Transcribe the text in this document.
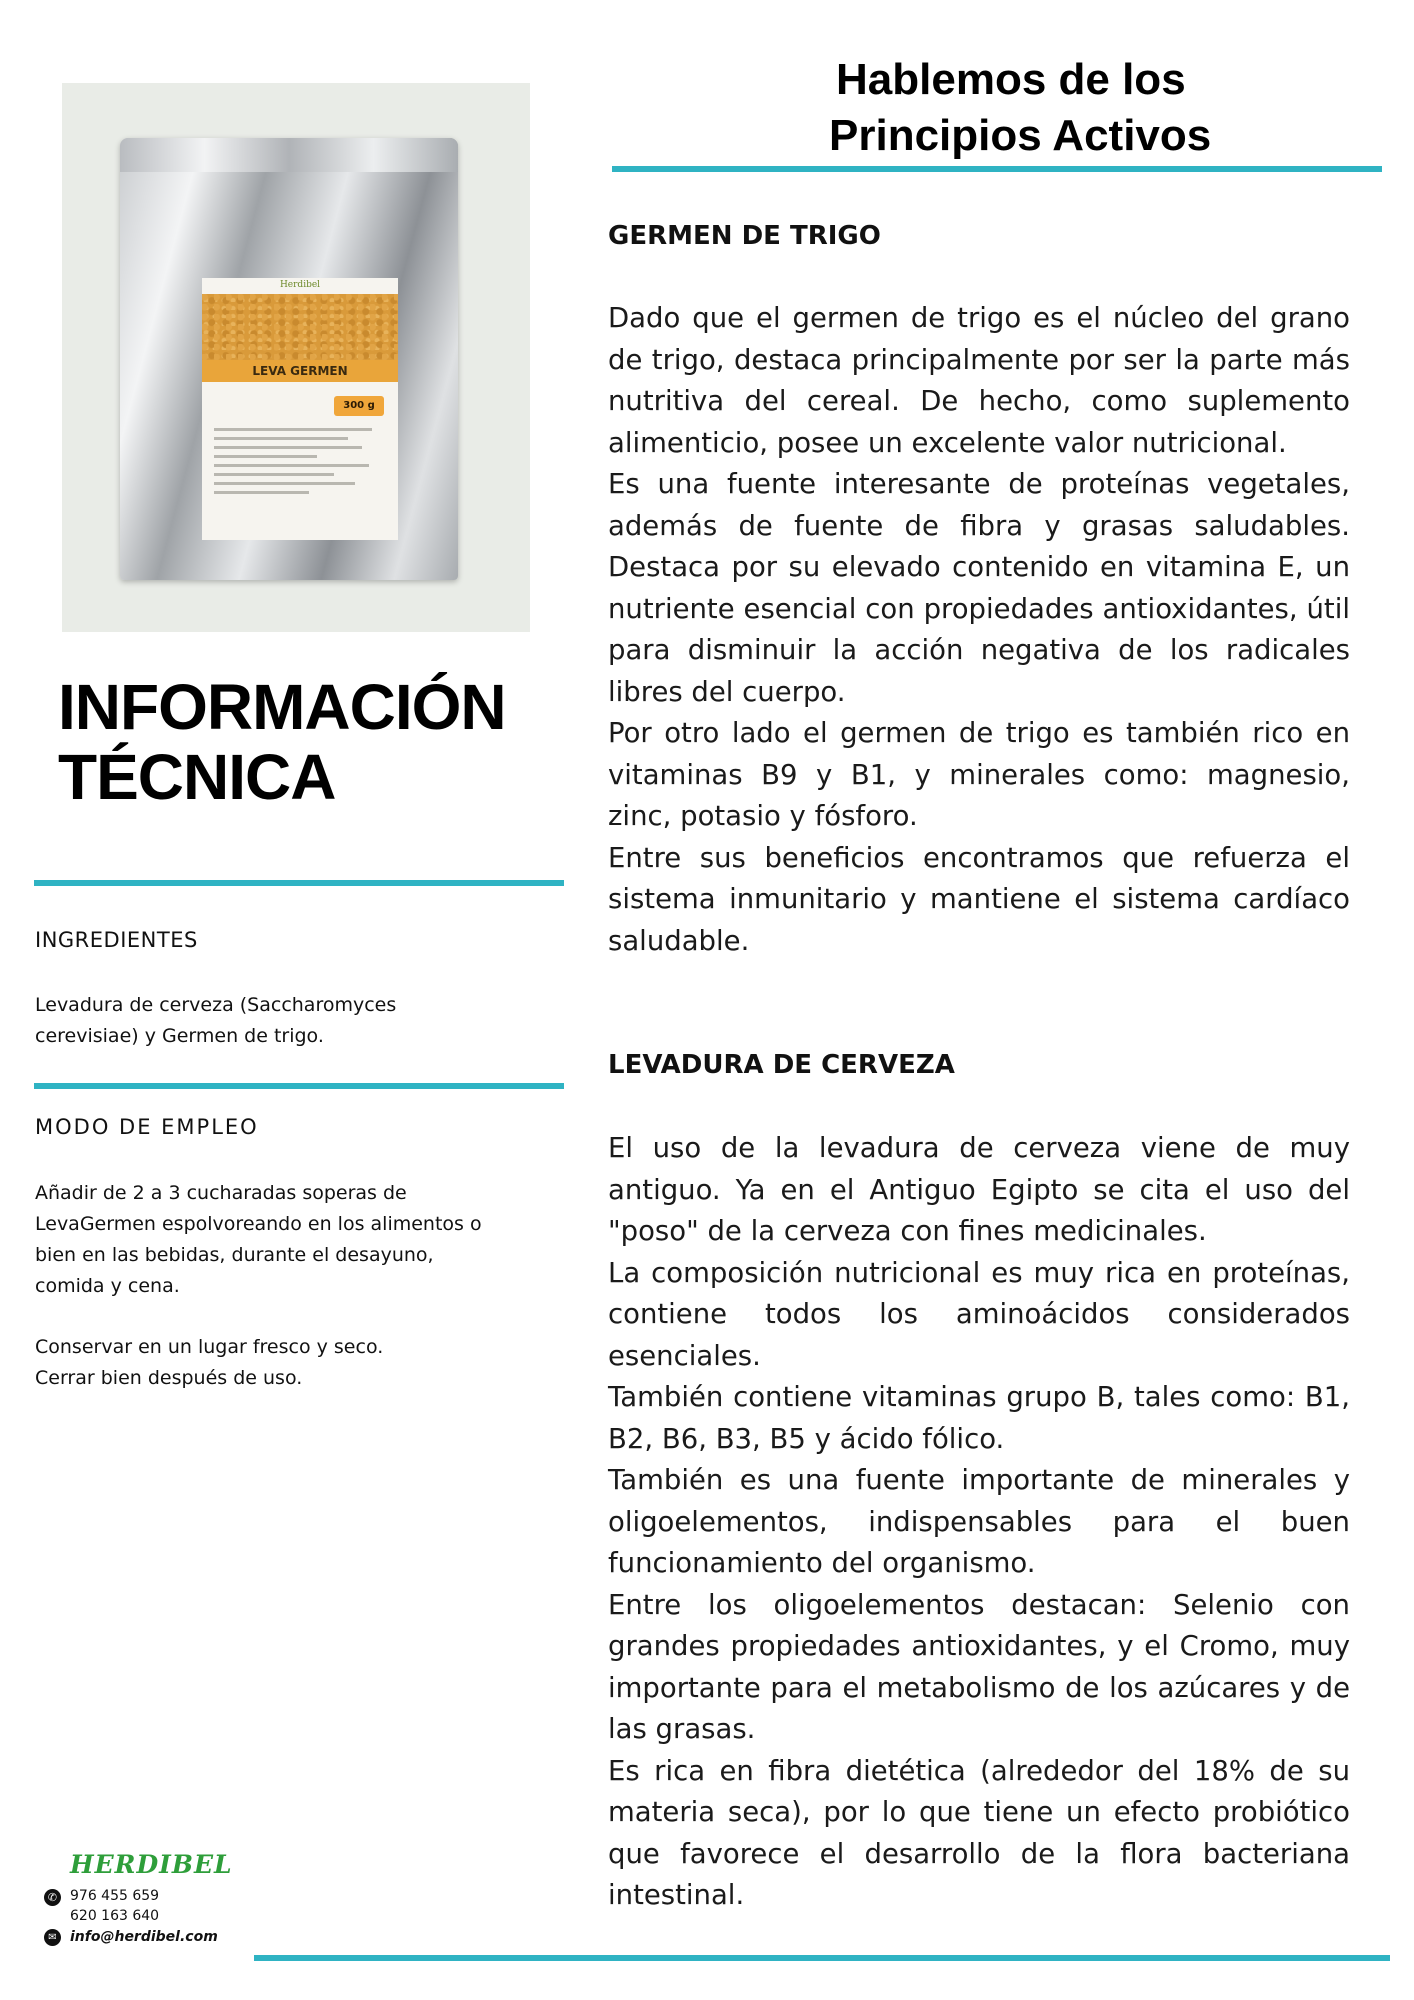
Herdibel
LEVA GERMEN
300 g
INFORMACIÓN
TÉCNICA
INGREDIENTES
Levadura de cerveza (Saccharomyces
cerevisiae) y Germen de trigo.
MODO DE EMPLEO
Añadir de 2 a 3 cucharadas soperas de
LevaGermen espolvoreando en los alimentos o
bien en las bebidas, durante el desayuno,
comida y cena.
Conservar en un lugar fresco y seco.
Cerrar bien después de uso.
HERDIBEL
✆ 976 455 659
620 163 640
✉ info@herdibel.com
Hablemos de los
Principios Activos
GERMEN DE TRIGO

Dado que el germen de trigo es el núcleo del grano de trigo, destaca principalmente por ser la parte más nutritiva del cereal. De hecho, como suplemento alimenticio, posee un excelente valor nutricional.

Es una fuente interesante de proteínas vegetales, además de fuente de fibra y grasas saludables. Destaca por su elevado contenido en vitamina E, un nutriente esencial con propiedades antioxidantes, útil para disminuir la acción negativa de los radicales libres del cuerpo.

Por otro lado el germen de trigo es también rico en vitaminas B9 y B1, y minerales como: magnesio, zinc, potasio y fósforo.

Entre sus beneficios encontramos que refuerza el sistema inmunitario y mantiene el sistema cardíaco saludable.

LEVADURA DE CERVEZA

El uso de la levadura de cerveza viene de muy antiguo. Ya en el Antiguo Egipto se cita el uso del "poso" de la cerveza con fines medicinales.

La composición nutricional es muy rica en proteínas, contiene todos los aminoácidos considerados esenciales.

También contiene vitaminas grupo B, tales como: B1, B2, B6, B3, B5 y ácido fólico.

También es una fuente importante de minerales y oligoelementos, indispensables para el buen funcionamiento del organismo.

Entre los oligoelementos destacan: Selenio con grandes propiedades antioxidantes, y el Cromo, muy importante para el metabolismo de los azúcares y de las grasas.

Es rica en fibra dietética (alrededor del 18% de su materia seca), por lo que tiene un efecto probiótico que favorece el desarrollo de la flora bacteriana intestinal.
